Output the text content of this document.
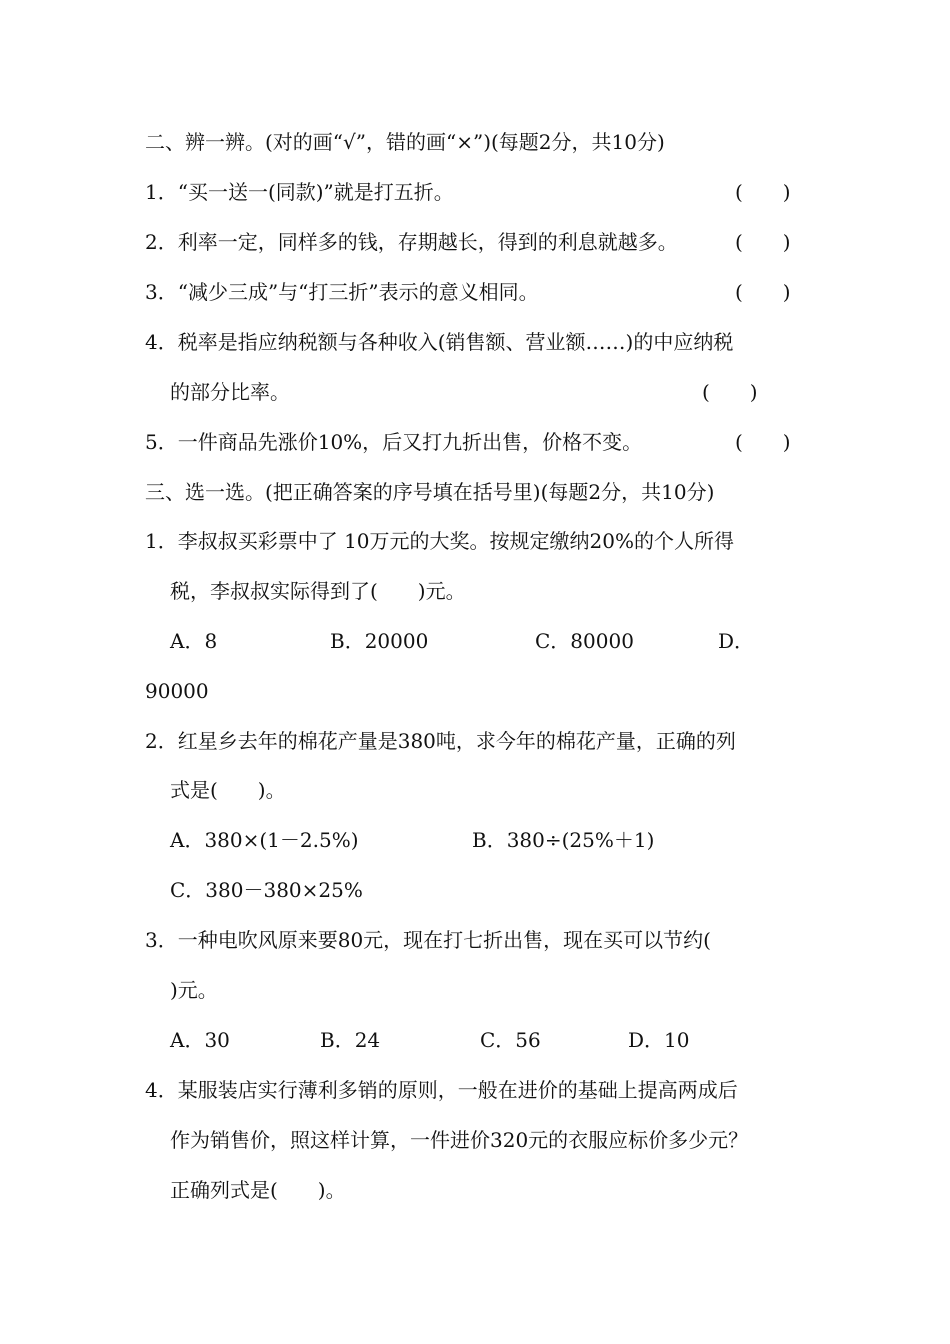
二、辨一辨。(对的画“√”，错的画“×”)(每题2分，共10分)
1．“买一送一(同款)”就是打五折。	(　　)
2．利率一定，同样多的钱，存期越长，得到的利息就越多。	(　　)
3．“减少三成”与“打三折”表示的意义相同。	(　　)
4．税率是指应纳税额与各种收入(销售额、营业额……)的中应纳税
的部分比率。	(　　)
5．一件商品先涨价10%，后又打九折出售，价格不变。	(　　)
三、选一选。(把正确答案的序号填在括号里)(每题2分，共10分)
1．李叔叔买彩票中了 10万元的大奖。按规定缴纳20%的个人所得
税，李叔叔实际得到了(　　)元。
A．8	B．20000	C．80000	D．
90000
2．红星乡去年的棉花产量是380吨，求今年的棉花产量，正确的列
式是(　　)。
A．380×(1－2.5%)	B．380÷(25%＋1)
C．380－380×25%
3．一种电吹风原来要80元，现在打七折出售，现在买可以节约(
)元。
A．30	B．24	C．56	D．10
4．某服装店实行薄利多销的原则，一般在进价的基础上提高两成后
作为销售价，照这样计算，一件进价320元的衣服应标价多少元？
正确列式是(　　)。
